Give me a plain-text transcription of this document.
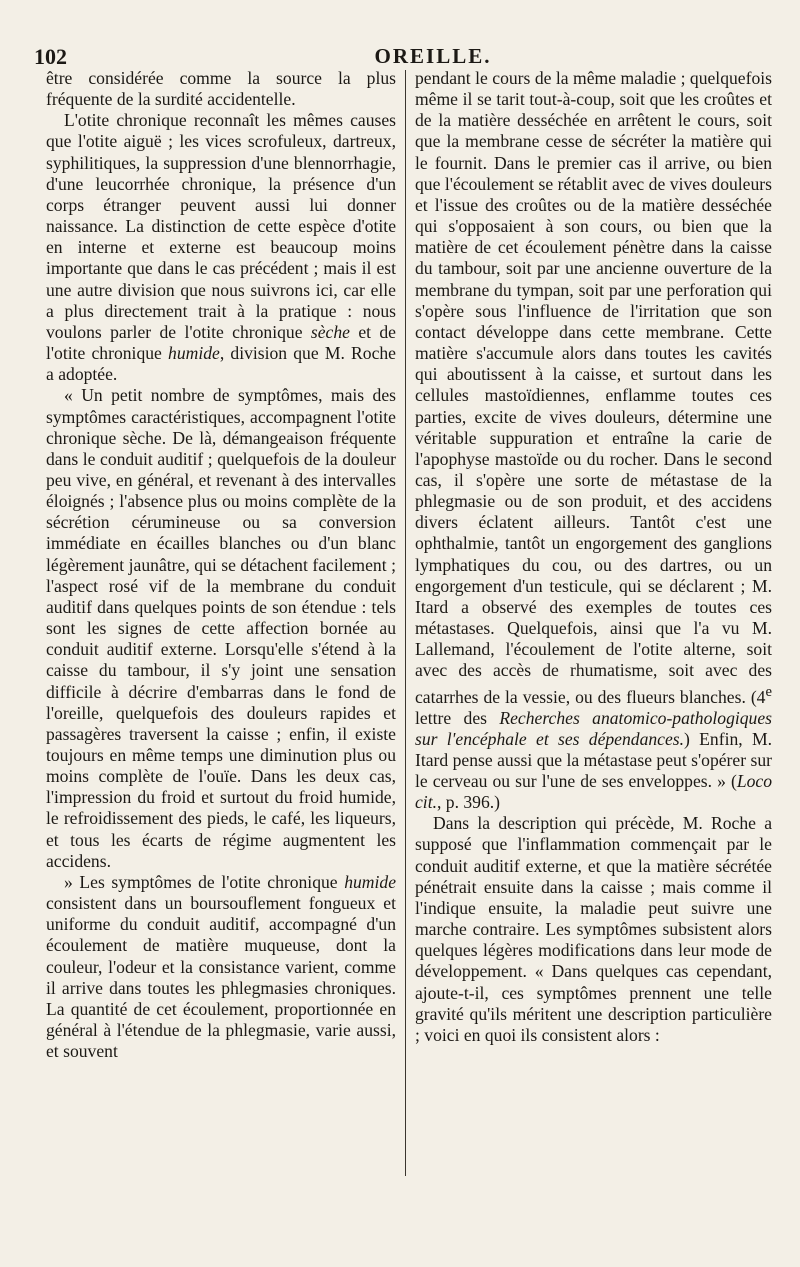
102	OREILLE.

être considérée comme la source la plus fréquente de la surdité accidentelle.

L'otite chronique reconnaît les mêmes causes que l'otite aiguë ; les vices scrofuleux, dartreux, syphilitiques, la suppression d'une blennorrhagie, d'une leucorrhée chronique, la présence d'un corps étranger peuvent aussi lui donner naissance. La distinction de cette espèce d'otite en interne et externe est beaucoup moins importante que dans le cas précédent ; mais il est une autre division que nous suivrons ici, car elle a plus directement trait à la pratique : nous voulons parler de l'otite chronique sèche et de l'otite chronique humide, division que M. Roche a adoptée.

« Un petit nombre de symptômes, mais des symptômes caractéristiques, accompagnent l'otite chronique sèche. De là, démangeaison fréquente dans le conduit auditif ; quelquefois de la douleur peu vive, en général, et revenant à des intervalles éloignés ; l'absence plus ou moins complète de la sécrétion cérumineuse ou sa conversion immédiate en écailles blanches ou d'un blanc légèrement jaunâtre, qui se détachent facilement ; l'aspect rosé vif de la membrane du conduit auditif dans quelques points de son étendue : tels sont les signes de cette affection bornée au conduit auditif externe. Lorsqu'elle s'étend à la caisse du tambour, il s'y joint une sensation difficile à décrire d'embarras dans le fond de l'oreille, quelquefois des douleurs rapides et passagères traversent la caisse ; enfin, il existe toujours en même temps une diminution plus ou moins complète de l'ouïe. Dans les deux cas, l'impression du froid et surtout du froid humide, le refroidissement des pieds, le café, les liqueurs, et tous les écarts de régime augmentent les accidens.

» Les symptômes de l'otite chronique humide consistent dans un boursouflement fongueux et uniforme du conduit auditif, accompagné d'un écoulement de matière muqueuse, dont la couleur, l'odeur et la consistance varient, comme il arrive dans toutes les phlegmasies chroniques. La quantité de cet écoulement, proportionnée en général à l'étendue de la phlegmasie, varie aussi, et souvent

pendant le cours de la même maladie ; quelquefois même il se tarit tout-à-coup, soit que les croûtes et de la matière desséchée en arrêtent le cours, soit que la membrane cesse de sécréter la matière qui le fournit. Dans le premier cas il arrive, ou bien que l'écoulement se rétablit avec de vives douleurs et l'issue des croûtes ou de la matière desséchée qui s'opposaient à son cours, ou bien que la matière de cet écoulement pénètre dans la caisse du tambour, soit par une ancienne ouverture de la membrane du tympan, soit par une perforation qui s'opère sous l'influence de l'irritation que son contact développe dans cette membrane. Cette matière s'accumule alors dans toutes les cavités qui aboutissent à la caisse, et surtout dans les cellules mastoïdiennes, enflamme toutes ces parties, excite de vives douleurs, détermine une véritable suppuration et entraîne la carie de l'apophyse mastoïde ou du rocher. Dans le second cas, il s'opère une sorte de métastase de la phlegmasie ou de son produit, et des accidens divers éclatent ailleurs. Tantôt c'est une ophthalmie, tantôt un engorgement des ganglions lymphatiques du cou, ou des dartres, ou un engorgement d'un testicule, qui se déclarent ; M. Itard a observé des exemples de toutes ces métastases. Quelquefois, ainsi que l'a vu M. Lallemand, l'écoulement de l'otite alterne, soit avec des accès de rhumatisme, soit avec des catarrhes de la vessie, ou des flueurs blanches. (4e lettre des Recherches anatomico-pathologiques sur l'encéphale et ses dépendances.) Enfin, M. Itard pense aussi que la métastase peut s'opérer sur le cerveau ou sur l'une de ses enveloppes. » (Loco cit., p. 396.)

Dans la description qui précède, M. Roche a supposé que l'inflammation commençait par le conduit auditif externe, et que la matière sécrétée pénétrait ensuite dans la caisse ; mais comme il l'indique ensuite, la maladie peut suivre une marche contraire. Les symptômes subsistent alors quelques légères modifications dans leur mode de développement. « Dans quelques cas cependant, ajoute-t-il, ces symptômes prennent une telle gravité qu'ils méritent une description particulière ; voici en quoi ils consistent alors :
